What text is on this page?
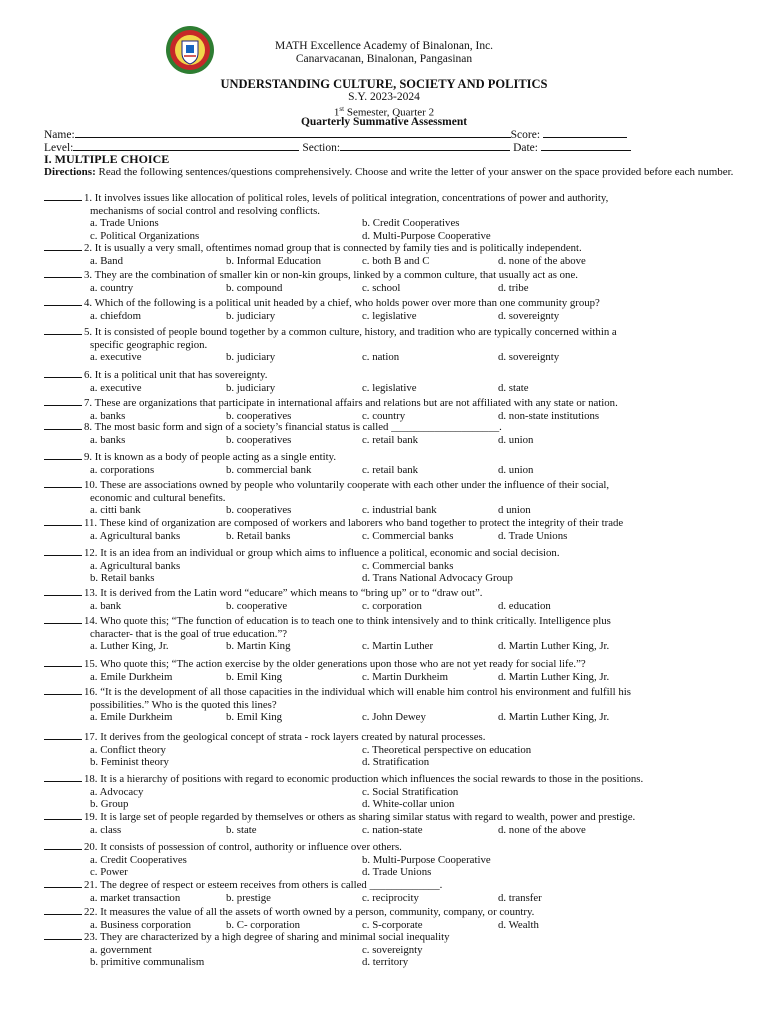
MATH Excellence Academy of Binalonan, Inc.
Canarvacanan, Binalonan, Pangasinan
UNDERSTANDING CULTURE, SOCIETY AND POLITICS
S.Y. 2023-2024
1st Semester, Quarter 2
Quarterly Summative Assessment
Name:	Score:
Level:	Section:	Date:
I. MULTIPLE CHOICE
Directions: Read the following sentences/questions comprehensively. Choose and write the letter of your answer on the space provided before each number.
1. It involves issues like allocation of political roles, levels of political integration, concentrations of power and authority,
mechanisms of social control and resolving conflicts.
a. Trade Unions	b. Credit Cooperatives
c. Political Organizations	d. Multi-Purpose Cooperative
2. It is usually a very small, oftentimes nomad group that is connected by family ties and is politically independent.
a. Band	b. Informal Education	c. both B and C	d. none of the above
3. They are the combination of smaller kin or non-kin groups, linked by a common culture, that usually act as one.
a. country	b. compound	c. school	d. tribe
4. Which of the following is a political unit headed by a chief, who holds power over more than one community group?
a. chiefdom	b. judiciary	c. legislative	d. sovereignty
5. It is consisted of people bound together by a common culture, history, and tradition who are typically concerned within a
specific geographic region.
a. executive	b. judiciary	c. nation	d. sovereignty
6. It is a political unit that has sovereignty.
a. executive	b. judiciary	c. legislative	d. state
7. These are organizations that participate in international affairs and relations but are not affiliated with any state or nation.
a. banks	b. cooperatives	c. country	d. non-state institutions
8. The most basic form and sign of a society’s financial status is called ____________________.
a. banks	b. cooperatives	c. retail bank	d. union
9. It is known as a body of people acting as a single entity.
a. corporations	b. commercial bank	c. retail bank	d. union
10. These are associations owned by people who voluntarily cooperate with each other under the influence of their social,
economic and cultural benefits.
a. citti bank	b. cooperatives	c. industrial bank	d union
11. These kind of organization are composed of workers and laborers who band together to protect the integrity of their trade
a. Agricultural banks	b. Retail banks	c. Commercial banks	d. Trade Unions
12. It is an idea from an individual or group which aims to influence a political, economic and social decision.
a. Agricultural banks	c. Commercial banks
b. Retail banks	d. Trans National Advocacy Group
13. It is derived from the Latin word “educare” which means to “bring up” or to “draw out”.
a. bank	b. cooperative	c. corporation	d. education
14. Who quote this; “The function of education is to teach one to think intensively and to think critically. Intelligence plus
character- that is the goal of true education.”?
a. Luther King, Jr.	b. Martin King	c. Martin Luther	d. Martin Luther King, Jr.
15. Who quote this; “The action exercise by the older generations upon those who are not yet ready for social life.”?
a. Emile Durkheim	b. Emil King	c. Martin Durkheim	d. Martin Luther King, Jr.
16. “It is the development of all those capacities in the individual which will enable him control his environment and fulfill his
possibilities.” Who is the quoted this lines?
a. Emile Durkheim	b. Emil King	c. John Dewey	d. Martin Luther King, Jr.
17. It derives from the geological concept of strata - rock layers created by natural processes.
a. Conflict theory	c. Theoretical perspective on education
b. Feminist theory	d. Stratification
18. It is a hierarchy of positions with regard to economic production which influences the social rewards to those in the positions.
a. Advocacy	c. Social Stratification
b. Group	d. White-collar union
19. It is large set of people regarded by themselves or others as sharing similar status with regard to wealth, power and prestige.
a. class	b. state	c. nation-state	d. none of the above
20. It consists of possession of control, authority or influence over others.
a. Credit Cooperatives	b. Multi-Purpose Cooperative
c. Power	d. Trade Unions
21. The degree of respect or esteem receives from others is called _____________.
a. market transaction	b. prestige	c. reciprocity	d. transfer
22. It measures the value of all the assets of worth owned by a person, community, company, or country.
a. Business corporation	b. C- corporation	c. S-corporate	d. Wealth
23. They are characterized by a high degree of sharing and minimal social inequality
a. government	c. sovereignty
b. primitive communalism	d. territory
